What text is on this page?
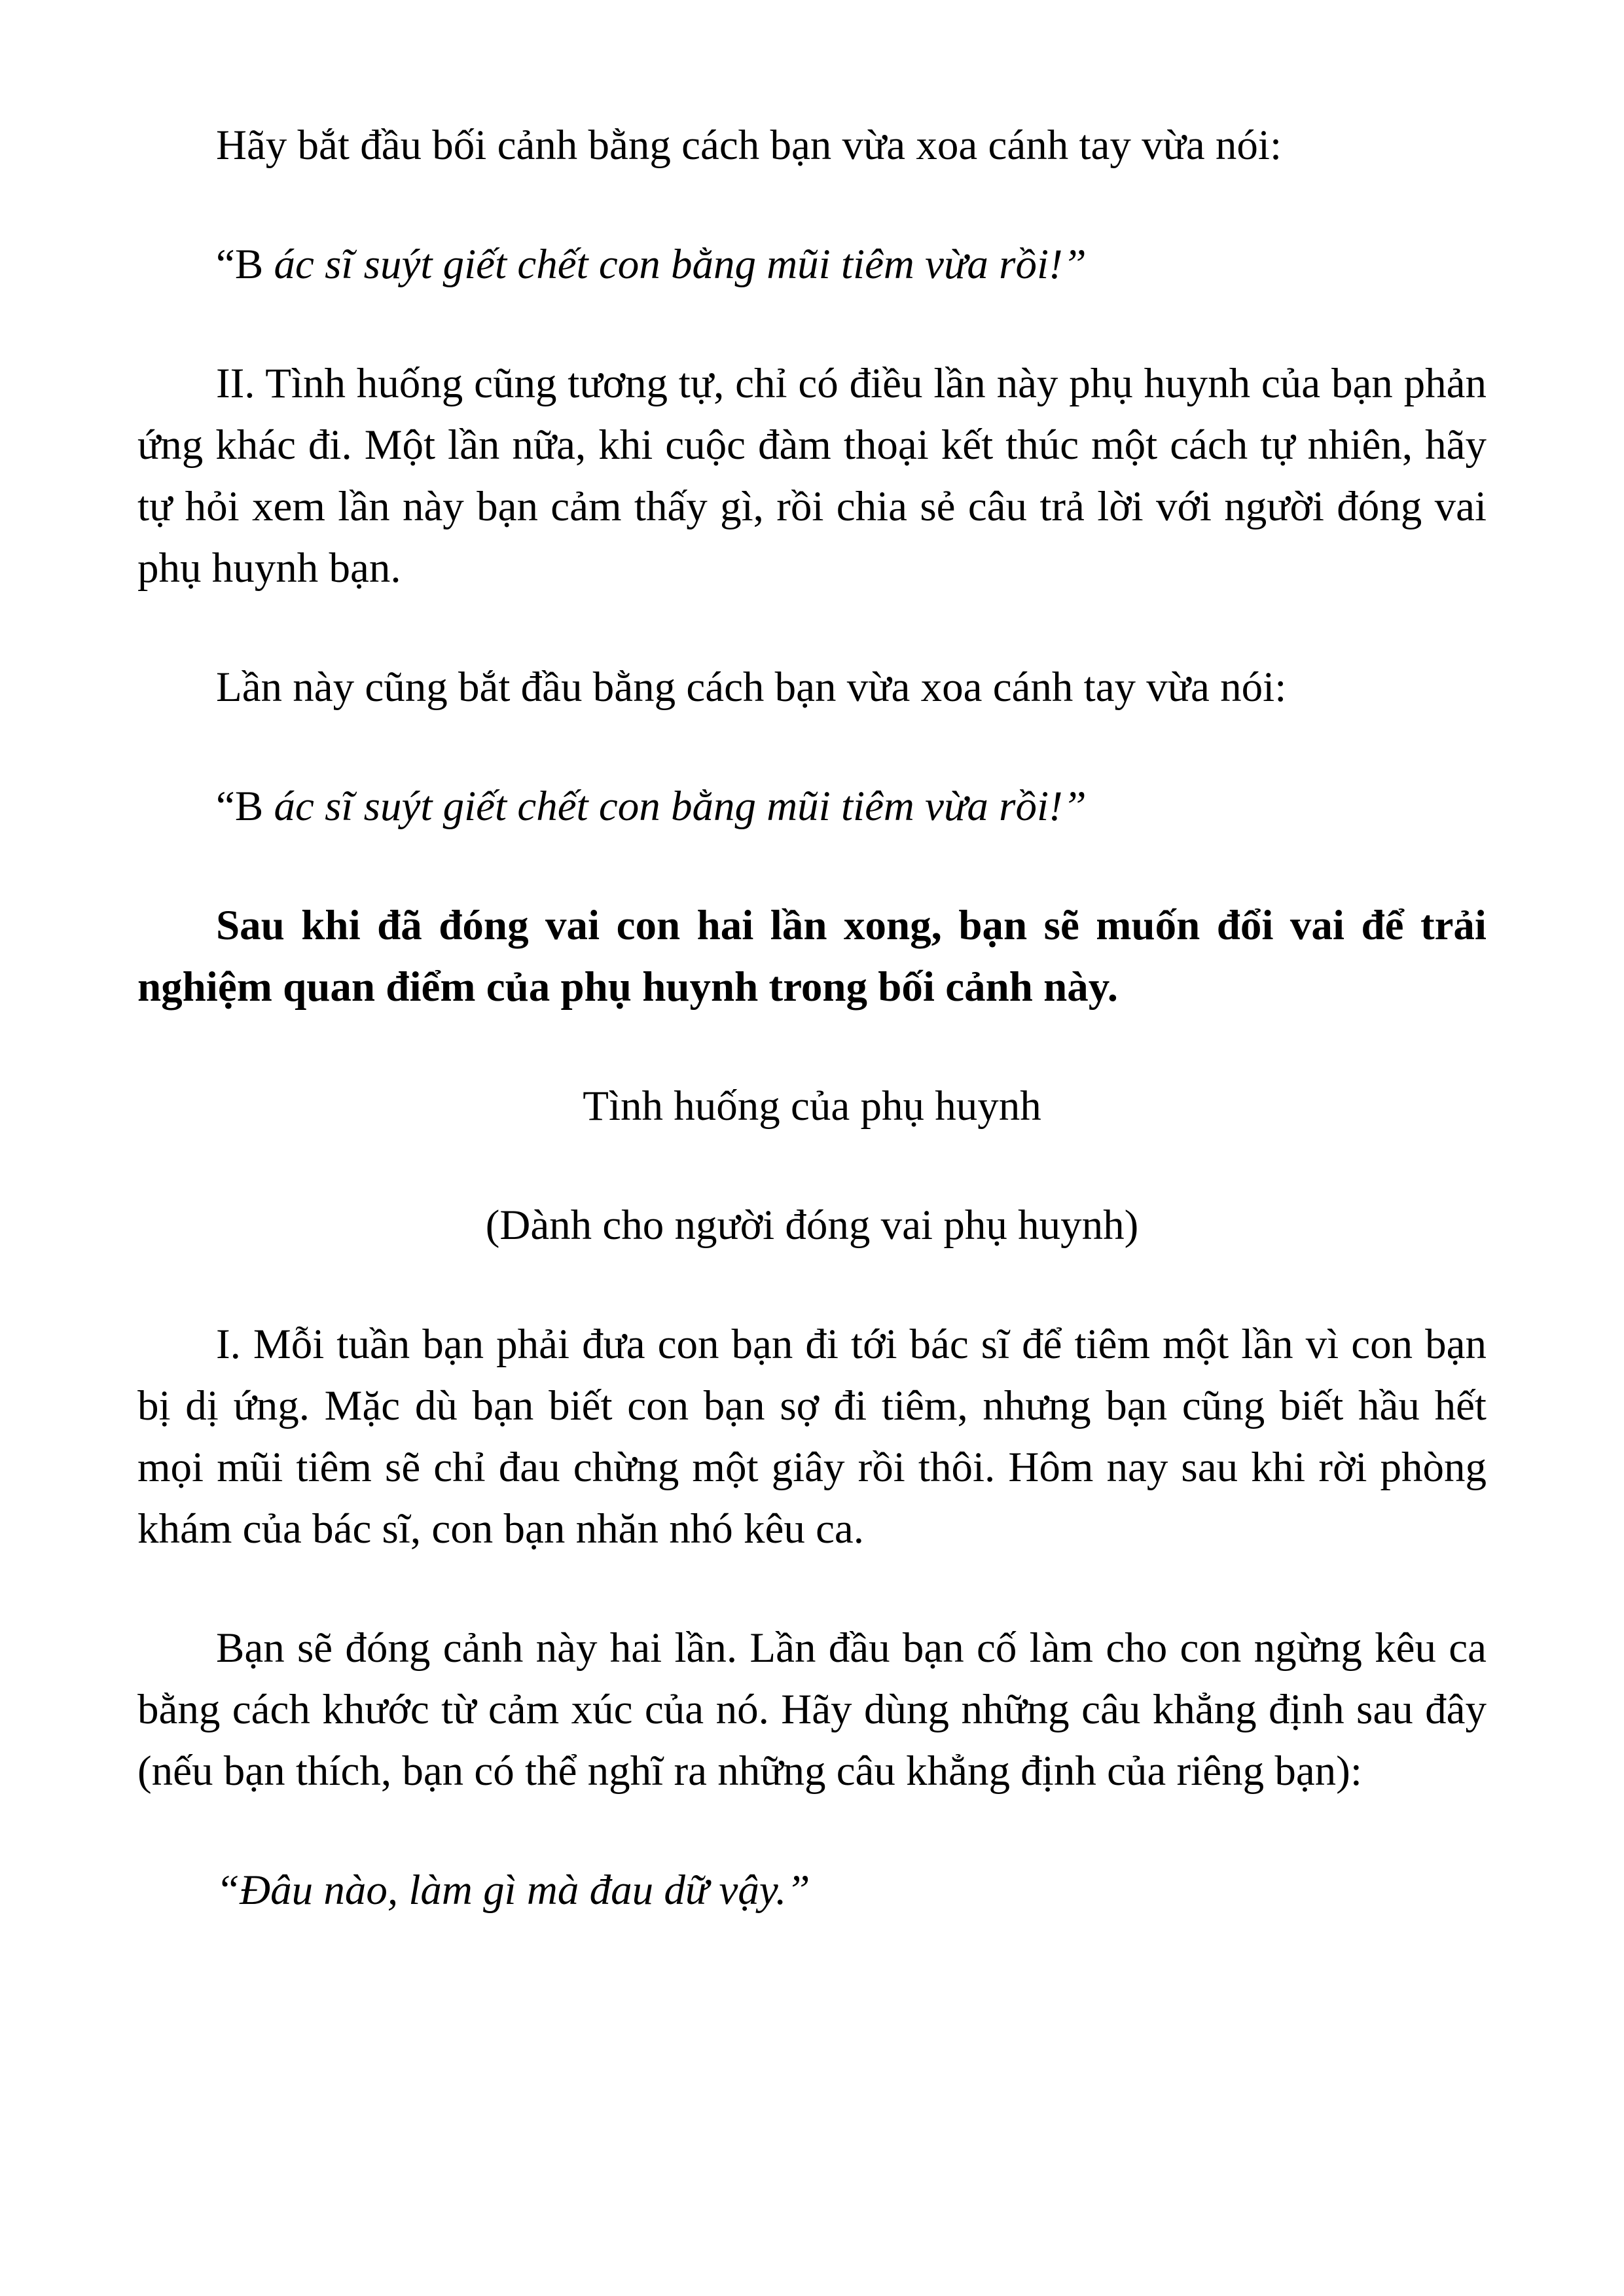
Hãy bắt đầu bối cảnh bằng cách bạn vừa xoa cánh tay vừa nói:

“B ác sĩ suýt giết chết con bằng mũi tiêm vừa rồi!”

II. Tình huống cũng tương tự, chỉ có điều lần này phụ huynh của bạn phản ứng khác đi. Một lần nữa, khi cuộc đàm thoại kết thúc một cách tự nhiên, hãy tự hỏi xem lần này bạn cảm thấy gì, rồi chia sẻ câu trả lời với người đóng vai phụ huynh bạn.

Lần này cũng bắt đầu bằng cách bạn vừa xoa cánh tay vừa nói:

“B ác sĩ suýt giết chết con bằng mũi tiêm vừa rồi!”

Sau khi đã đóng vai con hai lần xong, bạn sẽ muốn đổi vai để trải nghiệm quan điểm của phụ huynh trong bối cảnh này.

Tình huống của phụ huynh

(Dành cho người đóng vai phụ huynh)

I. Mỗi tuần bạn phải đưa con bạn đi tới bác sĩ để tiêm một lần vì con bạn bị dị ứng. Mặc dù bạn biết con bạn sợ đi tiêm, nhưng bạn cũng biết hầu hết mọi mũi tiêm sẽ chỉ đau chừng một giây rồi thôi. Hôm nay sau khi rời phòng khám của bác sĩ, con bạn nhăn nhó kêu ca.

Bạn sẽ đóng cảnh này hai lần. Lần đầu bạn cố làm cho con ngừng kêu ca bằng cách khước từ cảm xúc của nó. Hãy dùng những câu khẳng định sau đây (nếu bạn thích, bạn có thể nghĩ ra những câu khẳng định của riêng bạn):

“Đâu nào, làm gì mà đau dữ vậy.”
